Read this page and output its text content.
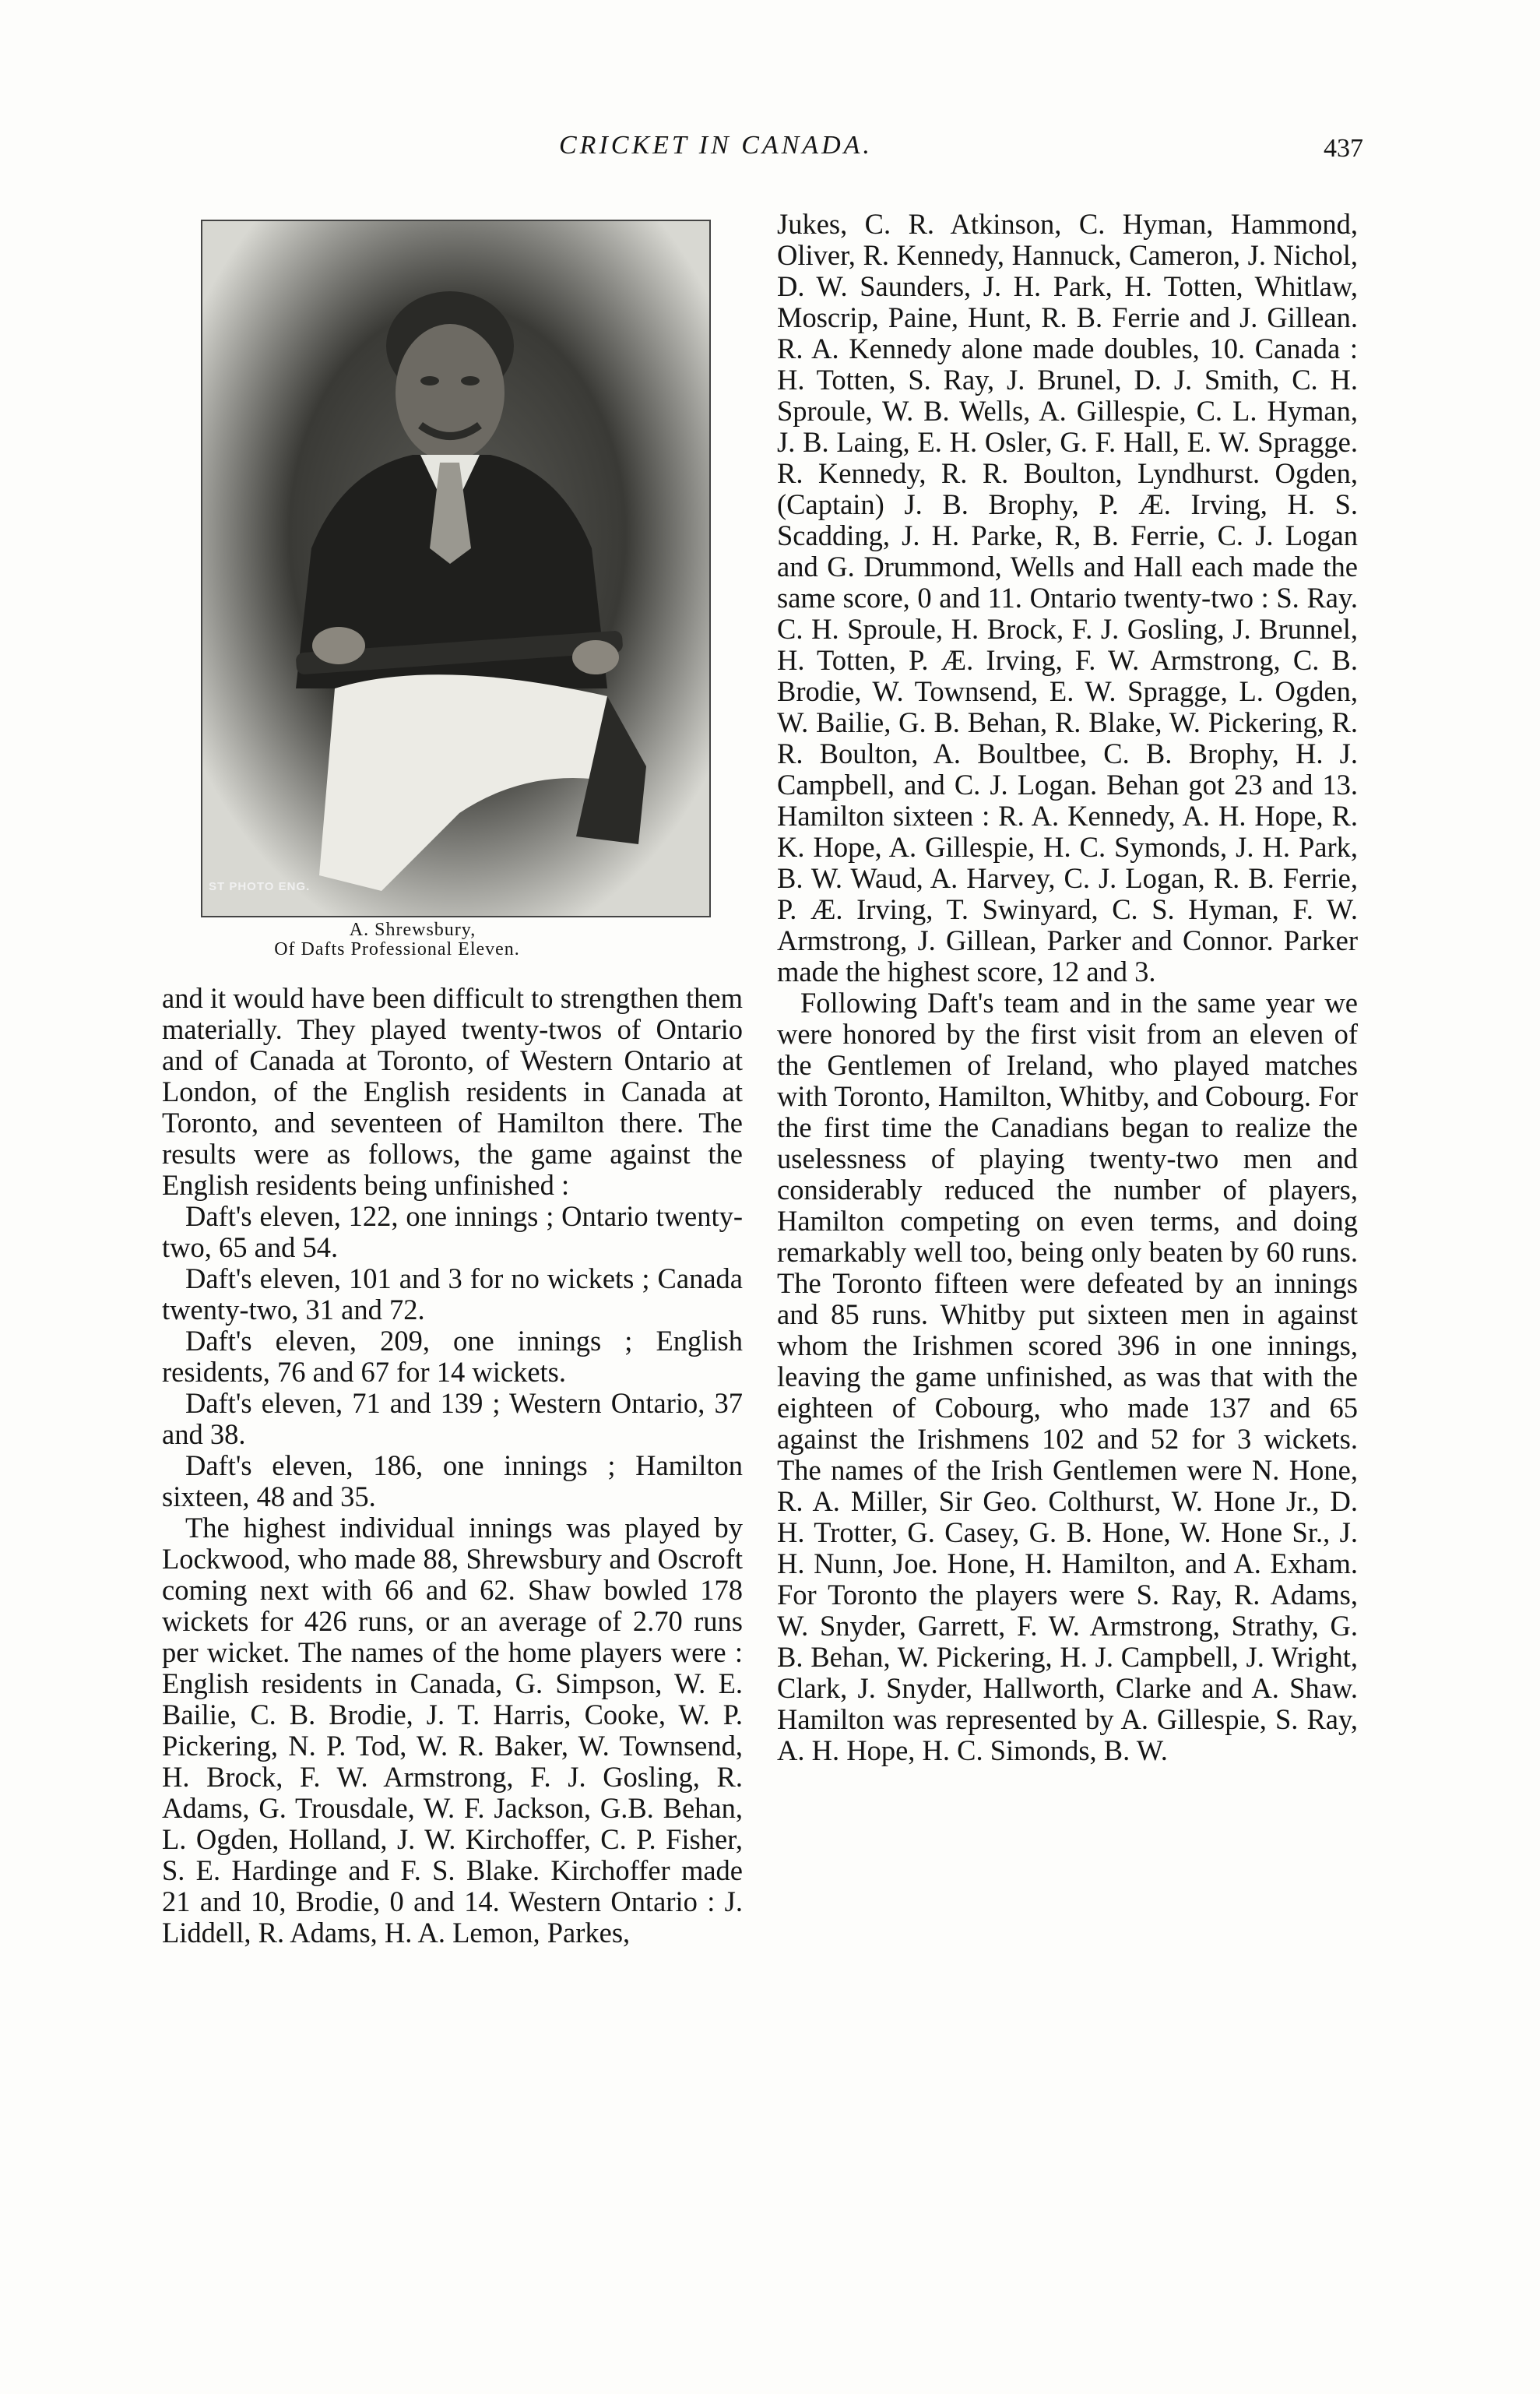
CRICKET IN CANADA.	437
ST PHOTO ENG.
A. Shrewsbury,
Of Dafts Professional Eleven.

and it would have been difficult to strengthen them materially. They played twenty-twos of Ontario and of Canada at Toronto, of Western Ontario at London, of the English residents in Canada at Toronto, and seventeen of Hamilton there. The results were as follows, the game against the English residents being unfinished :

Daft's eleven, 122, one innings ; Ontario twenty-two, 65 and 54.

Daft's eleven, 101 and 3 for no wickets ; Canada twenty-two, 31 and 72.

Daft's eleven, 209, one innings ; English residents, 76 and 67 for 14 wickets.

Daft's eleven, 71 and 139 ; Western Ontario, 37 and 38.

Daft's eleven, 186, one innings ; Hamilton sixteen, 48 and 35.

The highest individual innings was played by Lockwood, who made 88, Shrewsbury and Oscroft coming next with 66 and 62. Shaw bowled 178 wickets for 426 runs, or an average of 2.70 runs per wicket. The names of the home players were : English residents in Canada, G. Simpson, W. E. Bailie, C. B. Brodie, J. T. Harris, Cooke, W. P. Pickering, N. P. Tod, W. R. Baker, W. Townsend, H. Brock, F. W. Armstrong, F. J. Gosling, R. Adams, G. Trousdale, W. F. Jackson, G.B. Behan, L. Ogden, Holland, J. W. Kirchoffer, C. P. Fisher, S. E. Hardinge and F. S. Blake. Kirchoffer made 21 and 10, Brodie, 0 and 14. Western Ontario : J. Liddell, R. Adams, H. A. Lemon, Parkes,

Jukes, C. R. Atkinson, C. Hyman, Hammond, Oliver, R. Kennedy, Hannuck, Cameron, J. Nichol, D. W. Saunders, J. H. Park, H. Totten, Whitlaw, Moscrip, Paine, Hunt, R. B. Ferrie and J. Gillean. R. A. Kennedy alone made doubles, 10. Canada : H. Totten, S. Ray, J. Brunel, D. J. Smith, C. H. Sproule, W. B. Wells, A. Gillespie, C. L. Hyman, J. B. Laing, E. H. Osler, G. F. Hall, E. W. Spragge. R. Kennedy, R. R. Boulton, Lyndhurst. Ogden, (Captain) J. B. Brophy, P. Æ. Irving, H. S. Scadding, J. H. Parke, R, B. Ferrie, C. J. Logan and G. Drummond, Wells and Hall each made the same score, 0 and 11. Ontario twenty-two : S. Ray. C. H. Sproule, H. Brock, F. J. Gosling, J. Brunnel, H. Totten, P. Æ. Irving, F. W. Armstrong, C. B. Brodie, W. Townsend, E. W. Spragge, L. Ogden, W. Bailie, G. B. Behan, R. Blake, W. Pickering, R. R. Boulton, A. Boultbee, C. B. Brophy, H. J. Campbell, and C. J. Logan. Behan got 23 and 13. Hamilton sixteen : R. A. Kennedy, A. H. Hope, R. K. Hope, A. Gillespie, H. C. Symonds, J. H. Park, B. W. Waud, A. Harvey, C. J. Logan, R. B. Ferrie, P. Æ. Irving, T. Swinyard, C. S. Hyman, F. W. Armstrong, J. Gillean, Parker and Connor. Parker made the highest score, 12 and 3.

Following Daft's team and in the same year we were honored by the first visit from an eleven of the Gentlemen of Ireland, who played matches with Toronto, Hamilton, Whitby, and Cobourg. For the first time the Canadians began to realize the uselessness of playing twenty-two men and considerably reduced the number of players, Hamilton competing on even terms, and doing remarkably well too, being only beaten by 60 runs. The Toronto fifteen were defeated by an innings and 85 runs. Whitby put sixteen men in against whom the Irishmen scored 396 in one innings, leaving the game unfinished, as was that with the eighteen of Cobourg, who made 137 and 65 against the Irishmens 102 and 52 for 3 wickets. The names of the Irish Gentlemen were N. Hone, R. A. Miller, Sir Geo. Colthurst, W. Hone Jr., D. H. Trotter, G. Casey, G. B. Hone, W. Hone Sr., J. H. Nunn, Joe. Hone, H. Hamilton, and A. Exham. For Toronto the players were S. Ray, R. Adams, W. Snyder, Garrett, F. W. Armstrong, Strathy, G. B. Behan, W. Pickering, H. J. Campbell, J. Wright, Clark, J. Snyder, Hallworth, Clarke and A. Shaw. Hamilton was represented by A. Gillespie, S. Ray, A. H. Hope, H. C. Simonds, B. W.
